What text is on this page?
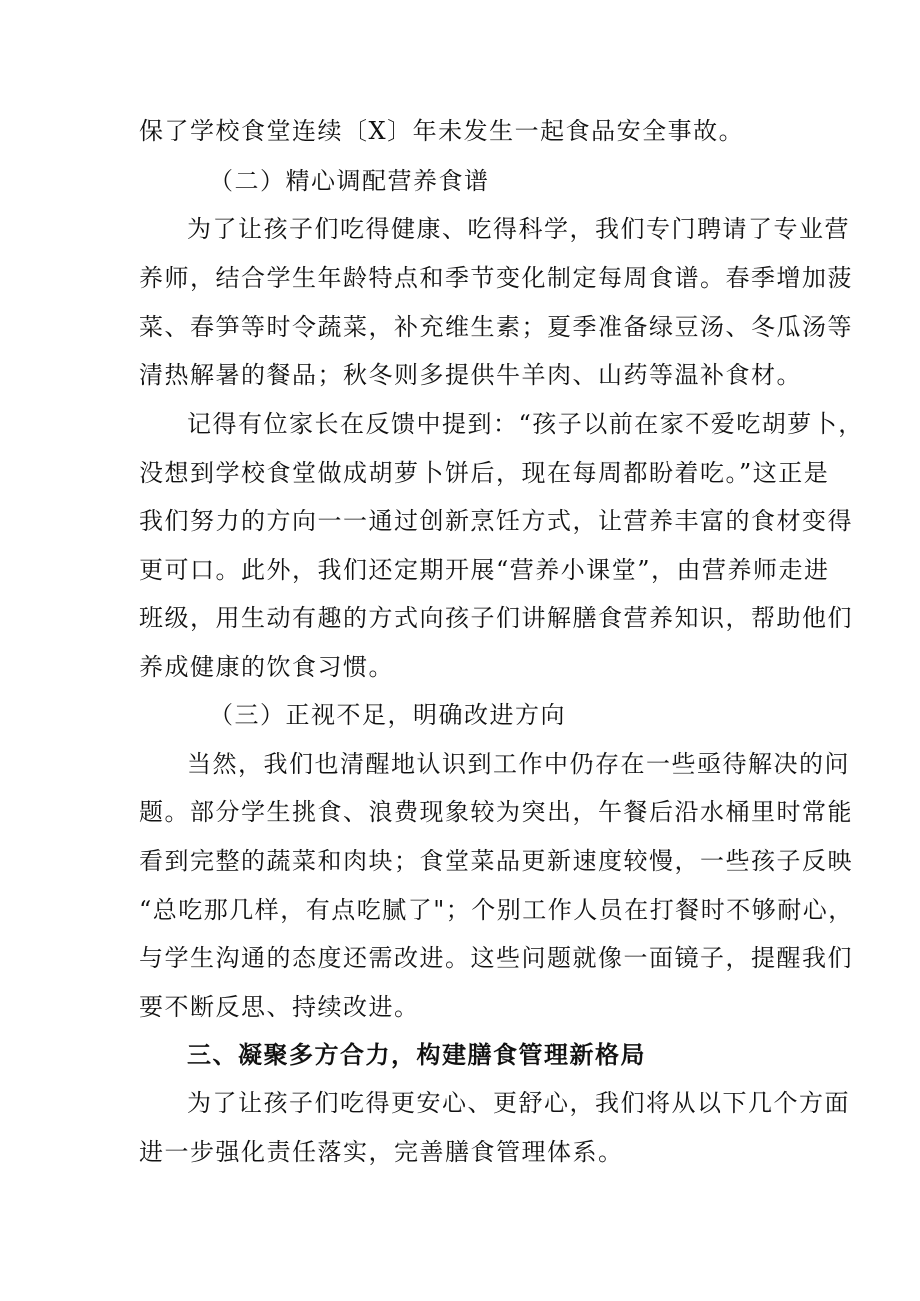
保了学校食堂连续〔X〕年未发生一起食品安全事故。
（二）精心调配营养食谱
为了让孩子们吃得健康、吃得科学，我们专门聘请了专业营
养师，结合学生年龄特点和季节变化制定每周食谱。春季增加菠
菜、春笋等时令蔬菜，补充维生素；夏季准备绿豆汤、冬瓜汤等
清热解暑的餐品；秋冬则多提供牛羊肉、山药等温补食材。
记得有位家长在反馈中提到：“孩子以前在家不爱吃胡萝卜，
没想到学校食堂做成胡萝卜饼后，现在每周都盼着吃。”这正是
我们努力的方向一一通过创新烹饪方式，让营养丰富的食材变得
更可口。此外，我们还定期开展“营养小课堂”，由营养师走进
班级，用生动有趣的方式向孩子们讲解膳食营养知识，帮助他们
养成健康的饮食习惯。
（三）正视不足，明确改进方向
当然，我们也清醒地认识到工作中仍存在一些亟待解决的问
题。部分学生挑食、浪费现象较为突出，午餐后沿水桶里时常能
看到完整的蔬菜和肉块；食堂菜品更新速度较慢，一些孩子反映
“总吃那几样，有点吃腻了"；个别工作人员在打餐时不够耐心，
与学生沟通的态度还需改进。这些问题就像一面镜子，提醒我们
要不断反思、持续改进。
三、凝聚多方合力，构建膳食管理新格局
为了让孩子们吃得更安心、更舒心，我们将从以下几个方面
进一步强化责任落实，完善膳食管理体系。
